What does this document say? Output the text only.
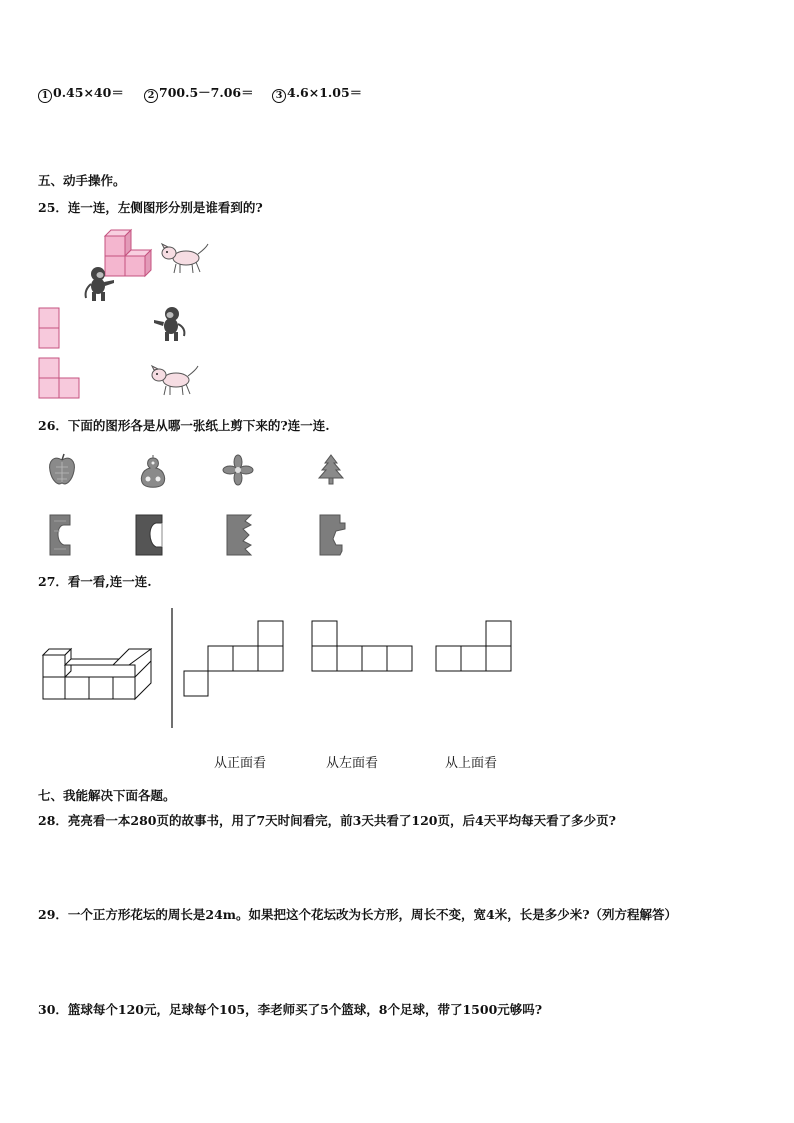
1 0.45×40＝	2 700.5－7.06＝	3 4.6×1.05＝
五、动手操作。
25．连一连，左侧图形分别是谁看到的?
26．下面的图形各是从哪一张纸上剪下来的?连一连.
27．看一看,连一连.
从正面看	从左面看	从上面看
七、我能解决下面各题。
28．亮亮看一本280页的故事书，用了7天时间看完，前3天共看了120页，后4天平均每天看了多少页?
29．一个正方形花坛的周长是24m。如果把这个花坛改为长方形，周长不变，宽4米，长是多少米?（列方程解答）
30．篮球每个120元，足球每个105，李老师买了5个篮球，8个足球，带了1500元够吗?
